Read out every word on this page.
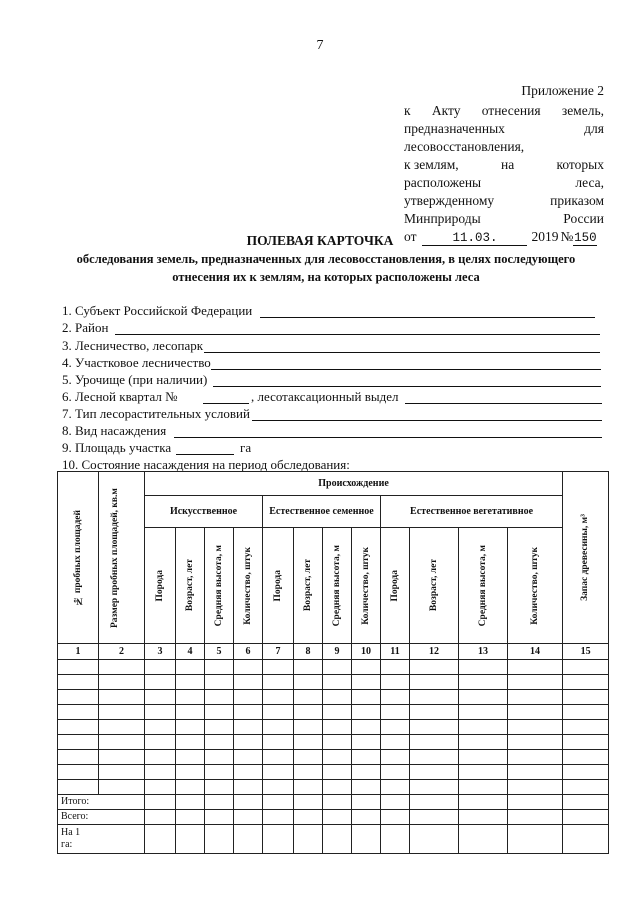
7
Приложение 2
к Акту отнесения земель,
предназначенных	для
лесовосстановления,
к землям,	на	которых
расположены	леса,
утвержденному	приказом
Минприроды	России
от	11.03.	2019 № 150
ПОЛЕВАЯ КАРТОЧКА
обследования земель, предназначенных для лесовосстановления, в целях последующего отнесения их к землям, на которых расположены леса
1. Субъект Российской Федерации
2. Район
3. Лесничество, лесопарк
4. Участковое лесничество
5. Урочище (при наличии)
6. Лесной квартал №	, лесотаксационный выдел
7. Тип лесорастительных условий
8. Вид насаждения
9. Площадь участка	га
10. Состояние насаждения на период обследования:
№ пробных площадей	Размер пробных площадей, кв.м	Происхождение												Запас древесины, м³

		Искусственное				Естественное семенное				Естественное вегетативное				

		Порода	Возраст, лет	Средняя высота, м	Количество, штук	Порода	Возраст, лет	Средняя высота, м	Количество, штук	Порода	Возраст, лет	Средняя высота, м	Количество, штук	

1	2	3	4	5	6	7	8	9	10	11	12	13	14	15

Итого:														
Всего:														

На 1 га:														
